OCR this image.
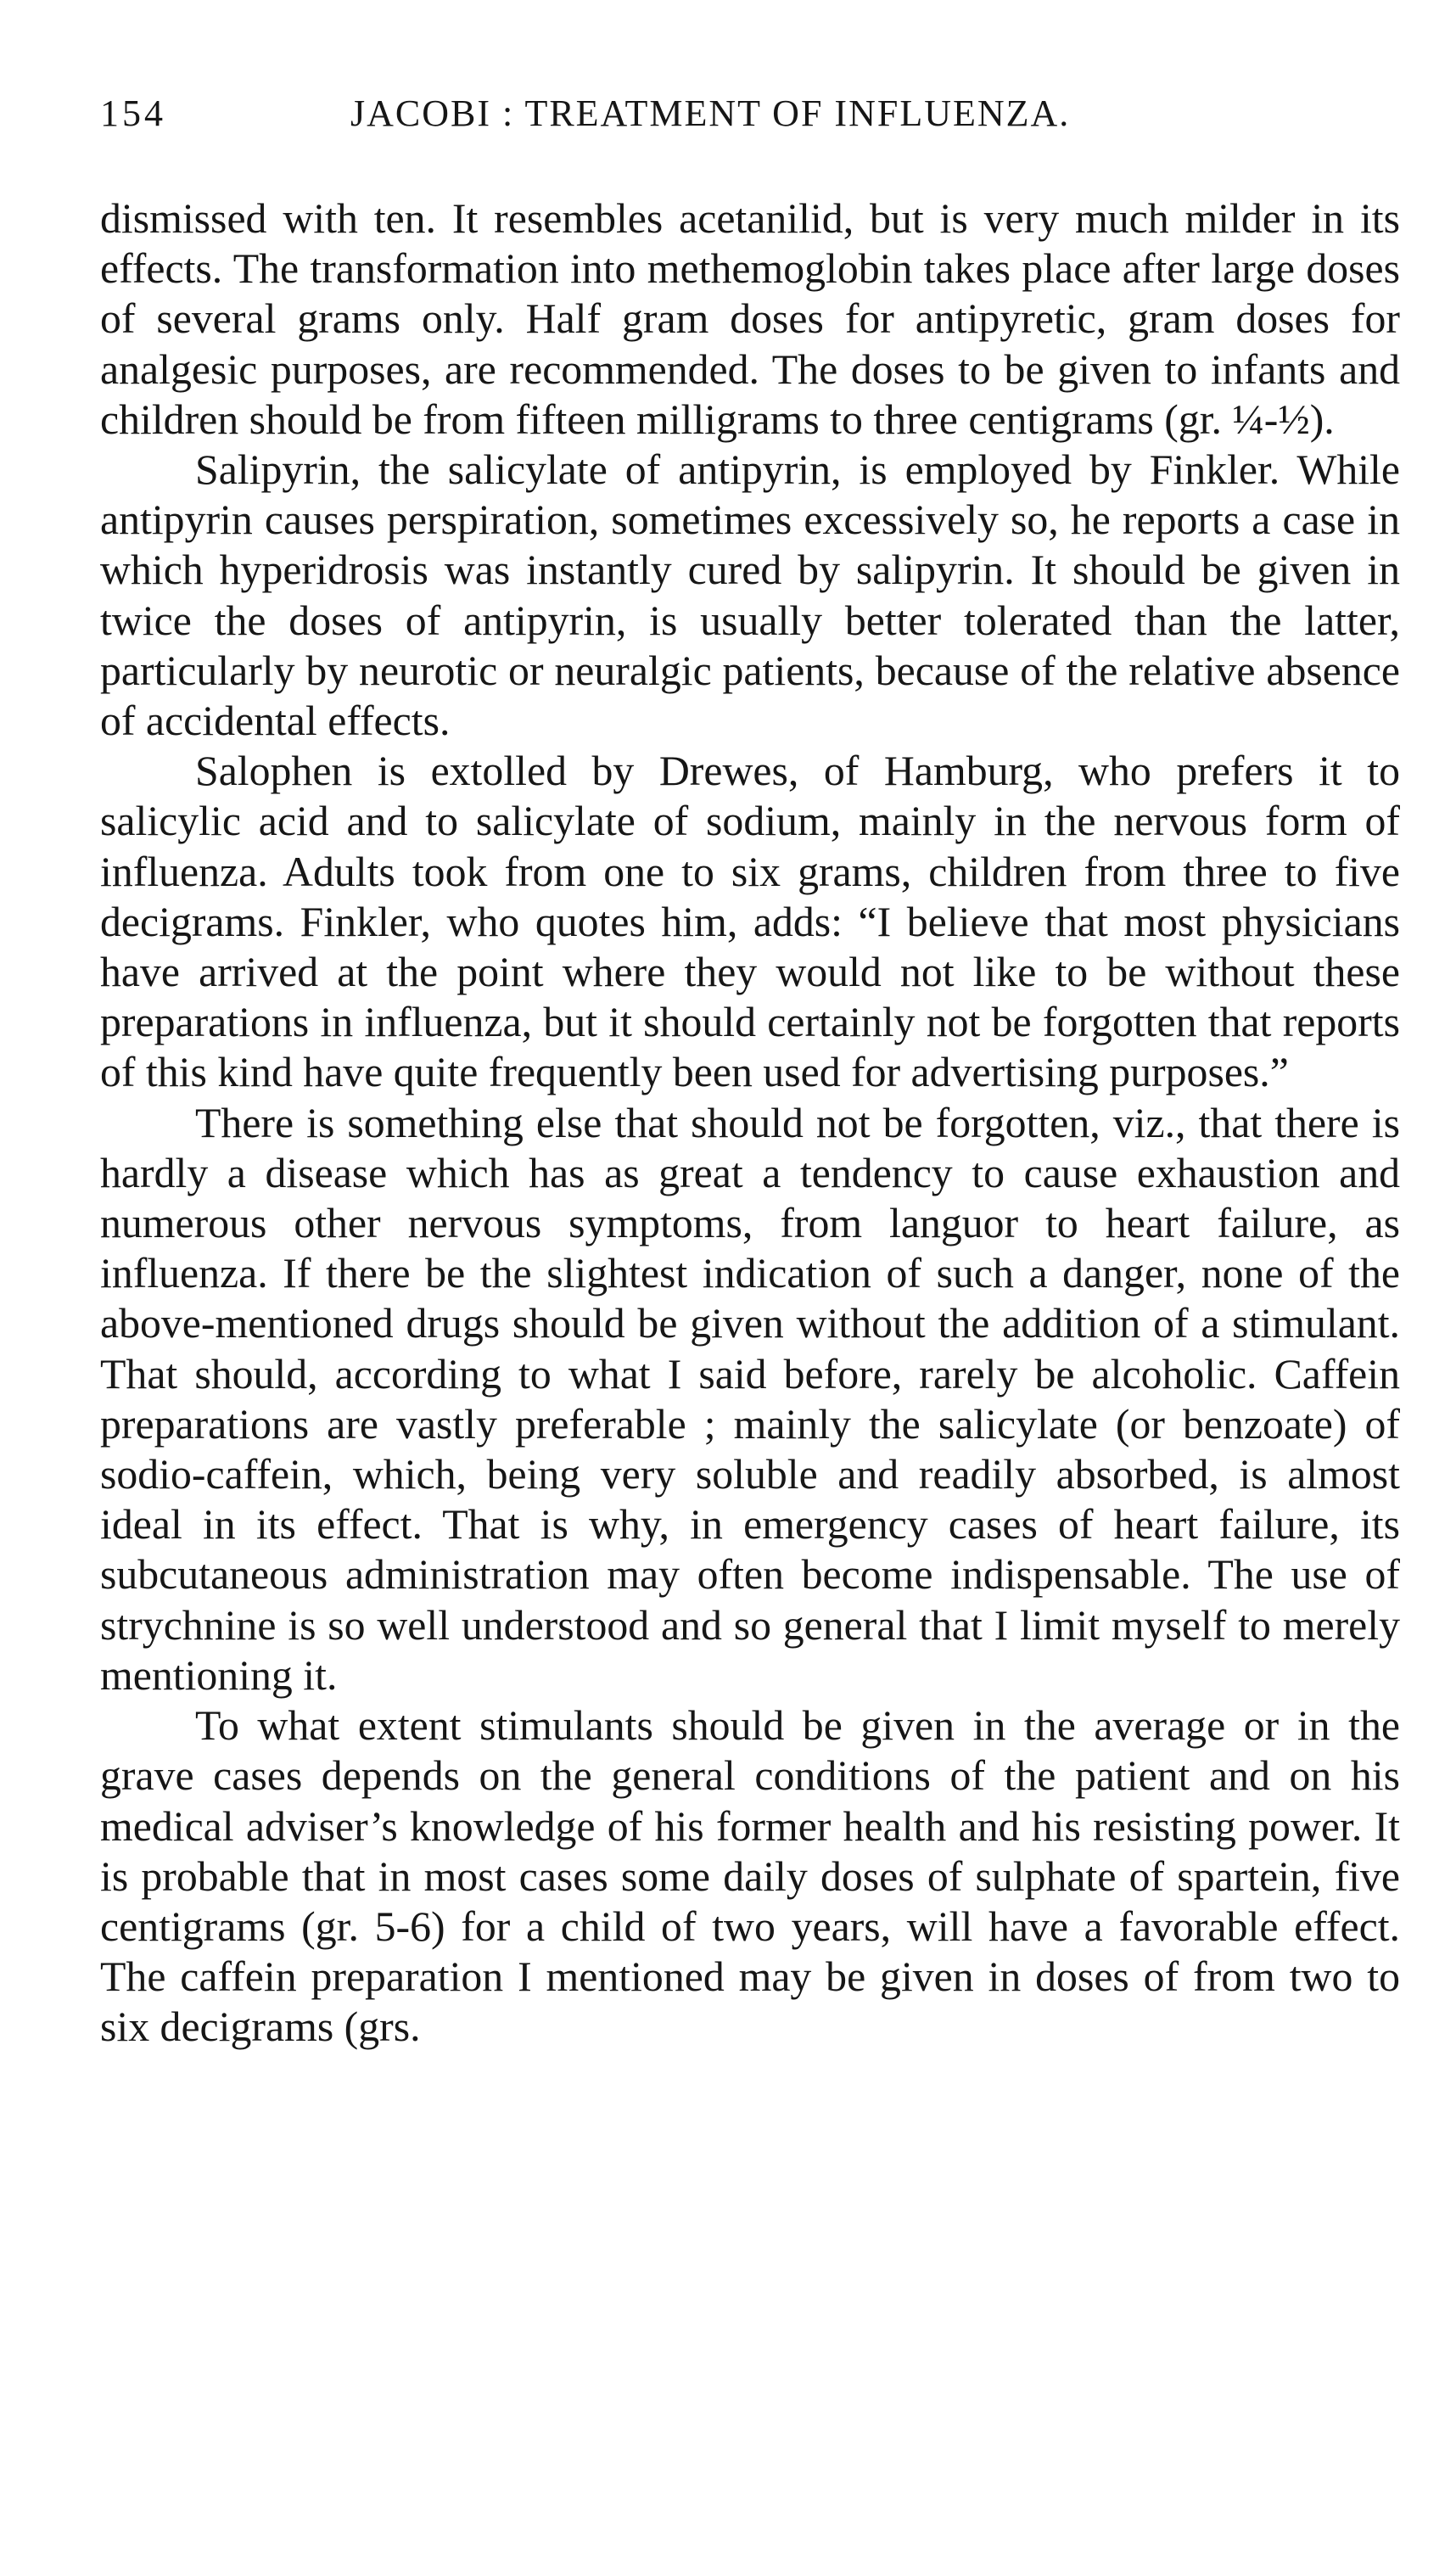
154	JACOBI : TREATMENT OF INFLUENZA.

dismissed with ten. It resembles acetanilid, but is very much milder in its effects. The transformation into methemoglobin takes place after large doses of several grams only. Half gram doses for antipyretic, gram doses for analgesic purposes, are recommended. The doses to be given to infants and children should be from fifteen milligrams to three centigrams (gr. ¼-½).

Salipyrin, the salicylate of antipyrin, is employed by Finkler. While antipyrin causes perspiration, sometimes excessively so, he reports a case in which hyperidrosis was instantly cured by salipyrin. It should be given in twice the doses of antipyrin, is usually better tolerated than the latter, particularly by neurotic or neuralgic patients, because of the relative absence of accidental effects.

Salophen is extolled by Drewes, of Hamburg, who prefers it to salicylic acid and to salicylate of sodium, mainly in the nervous form of influenza. Adults took from one to six grams, children from three to five decigrams. Finkler, who quotes him, adds: “I believe that most physicians have arrived at the point where they would not like to be without these preparations in influenza, but it should certainly not be forgotten that reports of this kind have quite frequently been used for advertising purposes.”

There is something else that should not be forgotten, viz., that there is hardly a disease which has as great a tendency to cause exhaustion and numerous other nervous symptoms, from languor to heart failure, as influenza. If there be the slightest indication of such a danger, none of the above-mentioned drugs should be given without the addition of a stimulant. That should, according to what I said before, rarely be alcoholic. Caffein preparations are vastly preferable ; mainly the salicylate (or benzoate) of sodio-caffein, which, being very soluble and readily absorbed, is almost ideal in its effect. That is why, in emergency cases of heart failure, its subcutaneous administration may often become indispensable. The use of strychnine is so well understood and so general that I limit myself to merely mentioning it.

To what extent stimulants should be given in the average or in the grave cases depends on the general conditions of the patient and on his medical adviser’s knowledge of his former health and his resisting power. It is probable that in most cases some daily doses of sulphate of spartein, five centigrams (gr. 5-6) for a child of two years, will have a favorable effect. The caffein preparation I mentioned may be given in doses of from two to six decigrams (grs.
